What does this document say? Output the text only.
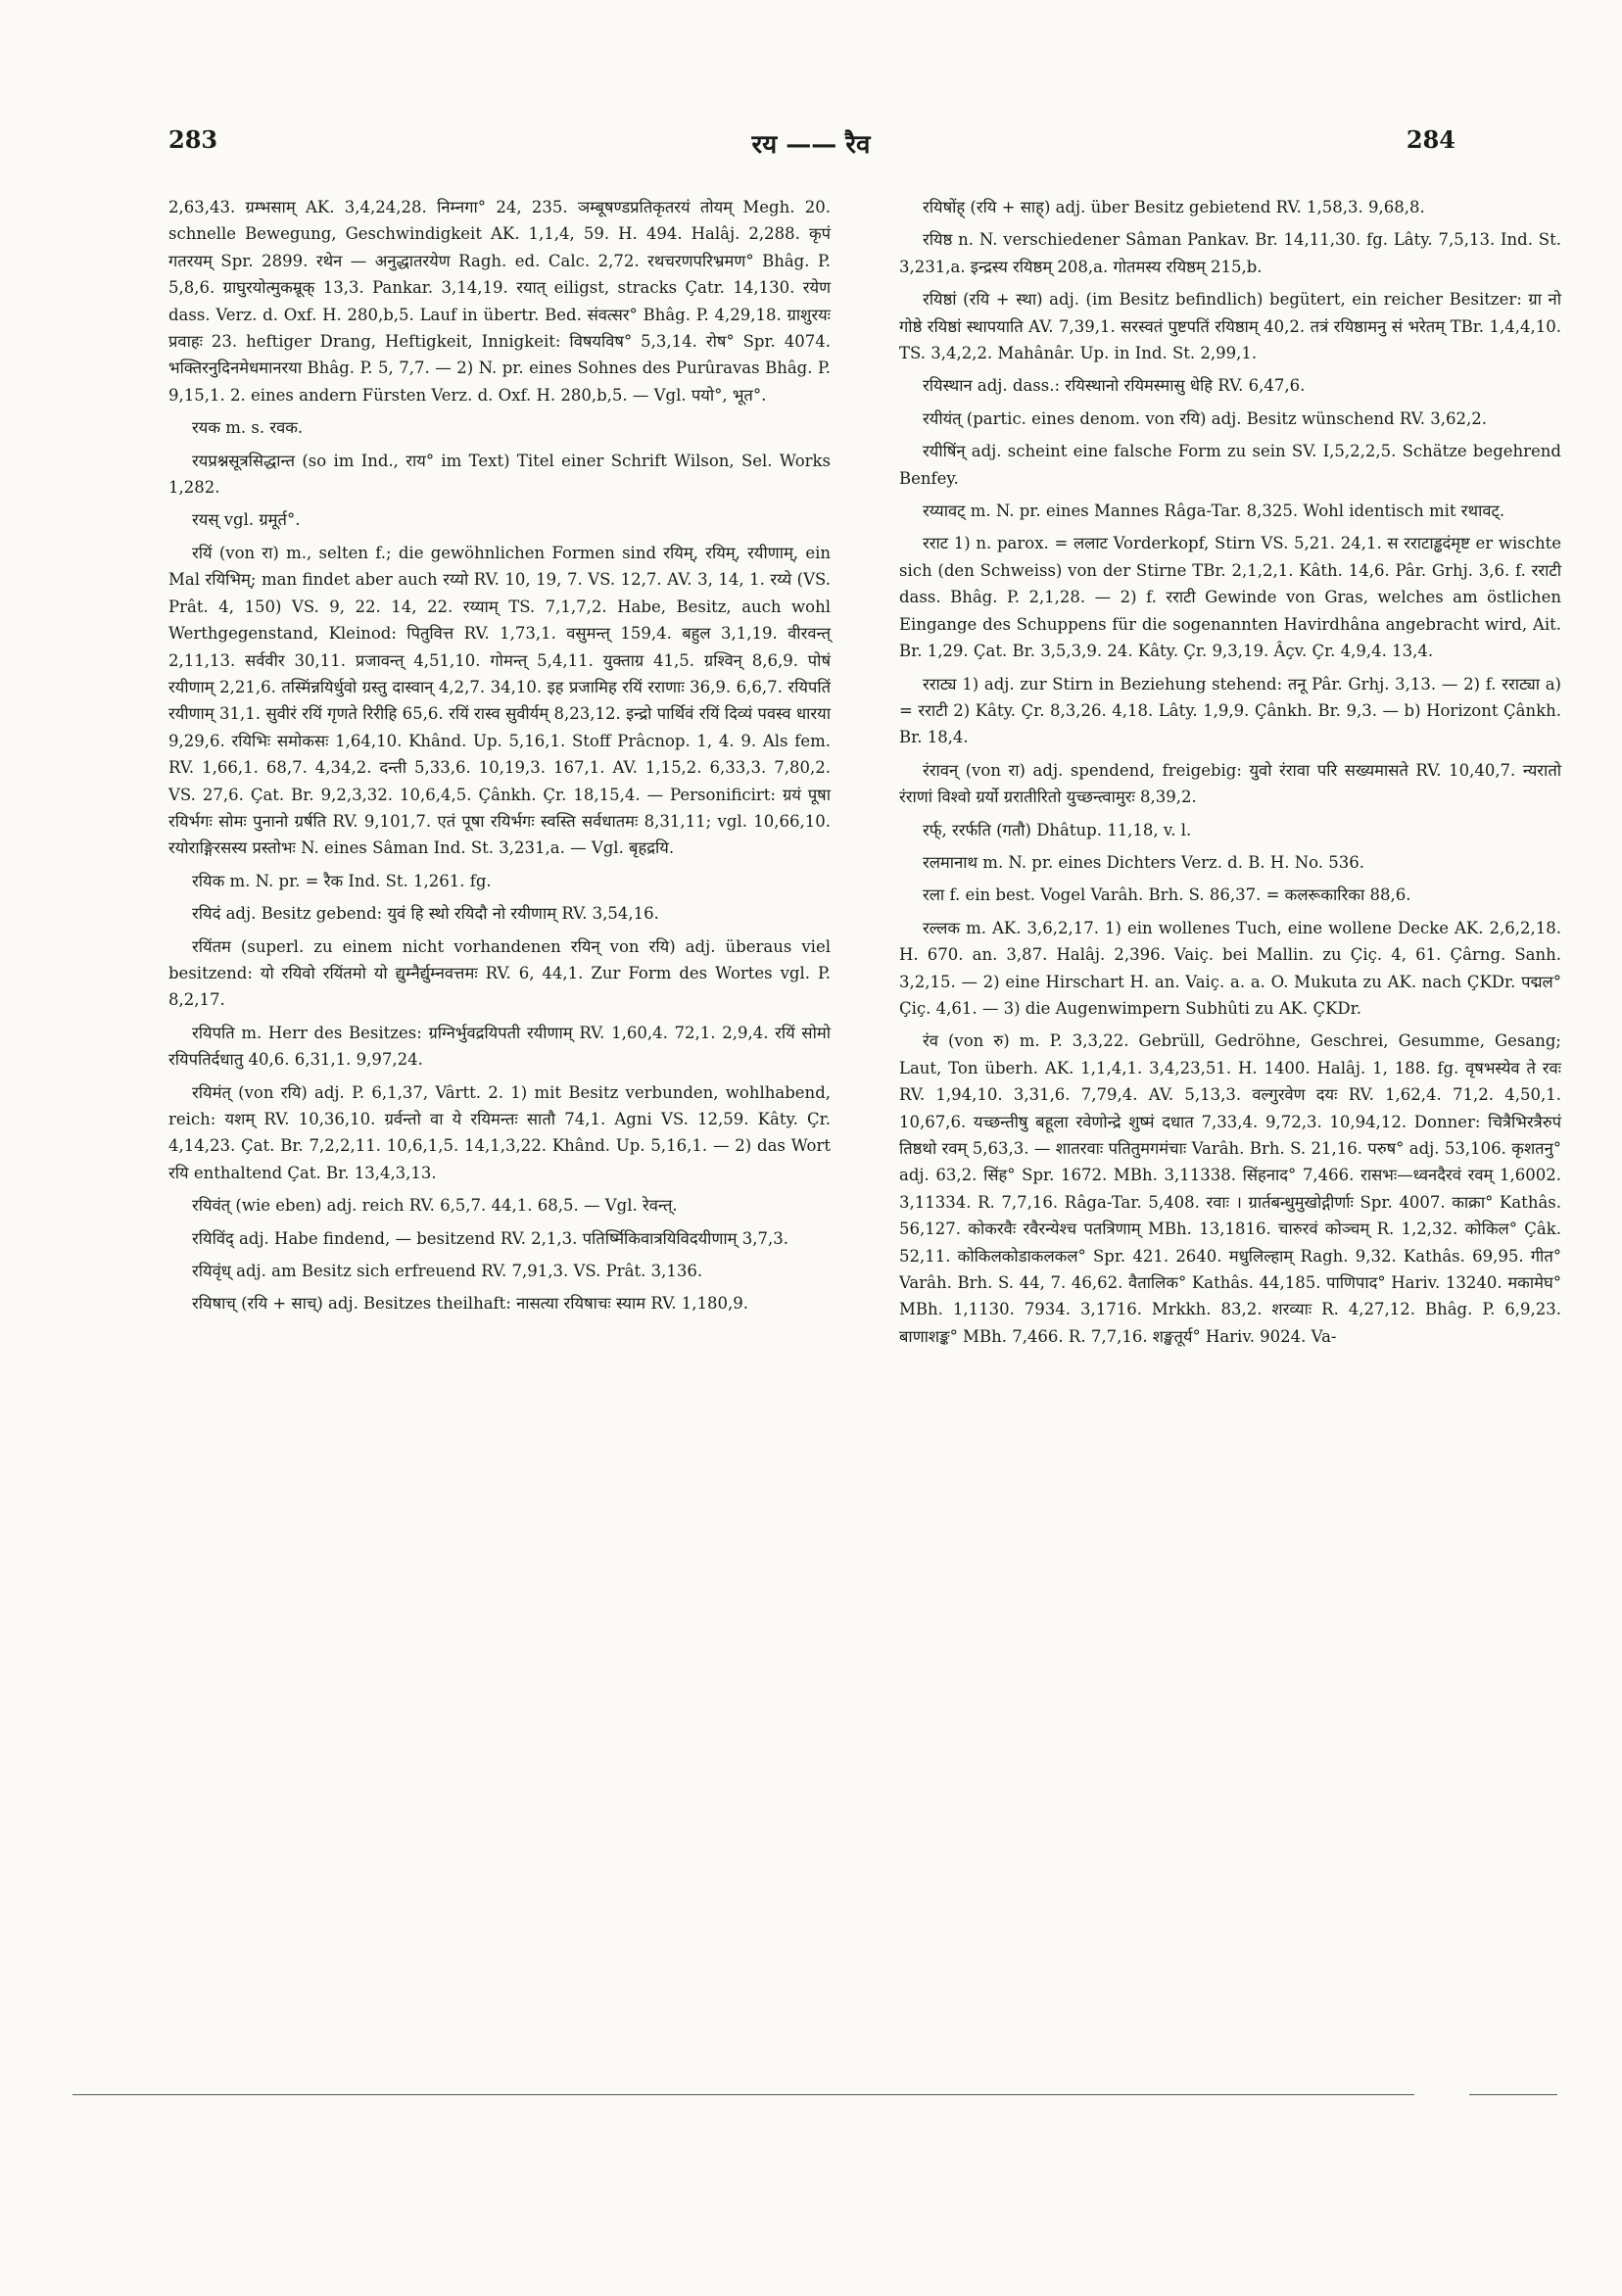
283	रय —— रैव	284

2,63,43. ग्रम्भसाम् AK. 3,4,24,28. निम्नगा° 24, 235. ञम्बूषण्डप्रतिकृतरयं तोयम् Megh. 20. schnelle Bewegung, Geschwindigkeit AK. 1,1,4, 59. H. 494. Halâj. 2,288. कृपं गतरयम् Spr. 2899. रथेन — अनुद्धातरयेण Ragh. ed. Calc. 2,72. रथचरणपरिभ्रमण° Bhâg. P. 5,8,6. ग्राघुरयोत्मुकम्रूक् 13,3. Pankar. 3,14,19. रयात् eiligst, stracks Çatr. 14,130. रयेण dass. Verz. d. Oxf. H. 280,b,5. Lauf in übertr. Bed. संवत्सर° Bhâg. P. 4,29,18. ग्राशुरयः प्रवाहः 23. heftiger Drang, Heftigkeit, Innigkeit: विषयविष° 5,3,14. रोष° Spr. 4074. भक्तिरनुदिनमेधमानरया Bhâg. P. 5, 7,7. — 2) N. pr. eines Sohnes des Purûravas Bhâg. P. 9,15,1. 2. eines andern Fürsten Verz. d. Oxf. H. 280,b,5. — Vgl. पयो°, भूत°.

रयक m. s. रवक.

रयप्रश्नसूत्रसिद्धान्त (so im Ind., राय° im Text) Titel einer Schrift Wilson, Sel. Works 1,282.

रयस् vgl. ग्रमूर्त°.

रयिं (von रा) m., selten f.; die gewöhnlichen Formen sind रयिम्, रयिम्, रयीणाम्, ein Mal रयिभिम्; man findet aber auch रय्यो RV. 10, 19, 7. VS. 12,7. AV. 3, 14, 1. रय्ये (VS. Prât. 4, 150) VS. 9, 22. 14, 22. रय्याम् TS. 7,1,7,2. Habe, Besitz, auch wohl Werthgegenstand, Kleinod: पितुवित्त RV. 1,73,1. वसुमन्त् 159,4. बहुल 3,1,19. वीरवन्त् 2,11,13. सर्ववीर 30,11. प्रजावन्त् 4,51,10. गोमन्त् 5,4,11. युक्ताग्र 41,5. ग्रश्विन् 8,6,9. पोषं रयीणाम् 2,21,6. तस्मिंन्नयिर्धुवो ग्रस्तु दास्वान् 4,2,7. 34,10. इह प्रजामिह रयिं रराणाः 36,9. 6,6,7. रयिपतिं रयीणाम् 31,1. सुवीरं रयिं गृणते रिरीहि 65,6. रयिं रास्व सुवीर्यम् 8,23,12. इन्द्रो पार्थिवं रयिं दिव्यं पवस्व धारया 9,29,6. रयिभिः समोकसः 1,64,10. Khând. Up. 5,16,1. Stoff Prâcnop. 1, 4. 9. Als fem. RV. 1,66,1. 68,7. 4,34,2. दन्ती 5,33,6. 10,19,3. 167,1. AV. 1,15,2. 6,33,3. 7,80,2. VS. 27,6. Çat. Br. 9,2,3,32. 10,6,4,5. Çânkh. Çr. 18,15,4. — Personificirt: ग्रयं पूषा रयिर्भगः सोमः पुनानो ग्रर्षति RV. 9,101,7. एतं पूषा रयिर्भगः स्वस्ति सर्वधातमः 8,31,11; vgl. 10,66,10. रयोराङ्गिरसस्य प्रस्तोभः N. eines Sâman Ind. St. 3,231,a. — Vgl. बृहद्रयि.

रयिक m. N. pr. = रैक Ind. St. 1,261. fg.

रयिदं adj. Besitz gebend: युवं हि स्थो रयिदौ नो रयीणाम् RV. 3,54,16.

रयिंतम (superl. zu einem nicht vorhandenen रयिन् von रयि) adj. überaus viel besitzend: यो रयिवो रयिंतमो यो द्युम्नैर्द्युम्नवत्तमः RV. 6, 44,1. Zur Form des Wortes vgl. P. 8,2,17.

रयिपति m. Herr des Besitzes: ग्रग्निर्भुवद्रयिपती रयीणाम् RV. 1,60,4. 72,1. 2,9,4. रयिं सोमो रयिपतिर्दधातु 40,6. 6,31,1. 9,97,24.

रयिमंत् (von रयि) adj. P. 6,1,37, Vârtt. 2. 1) mit Besitz verbunden, wohlhabend, reich: यशम् RV. 10,36,10. ग्रर्वन्तो वा ये रयिमन्तः सातौ 74,1. Agni VS. 12,59. Kâty. Çr. 4,14,23. Çat. Br. 7,2,2,11. 10,6,1,5. 14,1,3,22. Khând. Up. 5,16,1. — 2) das Wort रयि enthaltend Çat. Br. 13,4,3,13.

रयिवंत् (wie eben) adj. reich RV. 6,5,7. 44,1. 68,5. — Vgl. रेवन्त्.

रयिविंद् adj. Habe findend, — besitzend RV. 2,1,3. पतिर्ष्मिकिवात्रयिविदयीणाम् 3,7,3.

रयिवृंध् adj. am Besitz sich erfreuend RV. 7,91,3. VS. Prât. 3,136.

रयिषाच् (रयि + साच्) adj. Besitzes theilhaft: नासत्या रयिषाचः स्याम RV. 1,180,9.

रयिषोंह् (रयि + साह्) adj. über Besitz gebietend RV. 1,58,3. 9,68,8.

रयिष्ठ n. N. verschiedener Sâman Pankav. Br. 14,11,30. fg. Lâty. 7,5,13. Ind. St. 3,231,a. इन्द्रस्य रयिष्ठम् 208,a. गोतमस्य रयिष्ठम् 215,b.

रयिष्ठां (रयि + स्था) adj. (im Besitz befindlich) begütert, ein reicher Besitzer: ग्रा नो गोष्ठे रयिष्ठां स्थापयाति AV. 7,39,1. सरस्वतं पुष्टपतिं रयिष्ठाम् 40,2. तत्रं रयिष्ठामनु सं भरेतम् TBr. 1,4,4,10. TS. 3,4,2,2. Mahânâr. Up. in Ind. St. 2,99,1.

रयिस्थान adj. dass.: रयिस्थानो रयिमस्मासु धेहि RV. 6,47,6.

रयीयंत् (partic. eines denom. von रयि) adj. Besitz wünschend RV. 3,62,2.

रयीषिंन् adj. scheint eine falsche Form zu sein SV. I,5,2,2,5. Schätze begehrend Benfey.

रय्यावट् m. N. pr. eines Mannes Râga-Tar. 8,325. Wohl identisch mit रथावट्.

रराट 1) n. parox. = ललाट Vorderkopf, Stirn VS. 5,21. 24,1. स रराटाड्ढदंमृष्ट er wischte sich (den Schweiss) von der Stirne TBr. 2,1,2,1. Kâth. 14,6. Pâr. Grhj. 3,6. f. रराटी dass. Bhâg. P. 2,1,28. — 2) f. रराटी Gewinde von Gras, welches am östlichen Eingange des Schuppens für die sogenannten Havirdhâna angebracht wird, Ait. Br. 1,29. Çat. Br. 3,5,3,9. 24. Kâty. Çr. 9,3,19. Âçv. Çr. 4,9,4. 13,4.

रराट्य 1) adj. zur Stirn in Beziehung stehend: तनू Pâr. Grhj. 3,13. — 2) f. रराट्या a) = रराटी 2) Kâty. Çr. 8,3,26. 4,18. Lâty. 1,9,9. Çânkh. Br. 9,3. — b) Horizont Çânkh. Br. 18,4.

रंरावन् (von रा) adj. spendend, freigebig: युवो रंरावा परि सख्यमासते RV. 10,40,7. न्यरातो रंराणां विश्वो ग्रर्यो ग्ररातीरितो युच्छन्त्वामुरः 8,39,2.

रर्फ्, ररर्फति (गतौ) Dhâtup. 11,18, v. l.

रलमानाथ m. N. pr. eines Dichters Verz. d. B. H. No. 536.

रला f. ein best. Vogel Varâh. Brh. S. 86,37. = कलरूकारिका 88,6.

रल्लक m. AK. 3,6,2,17. 1) ein wollenes Tuch, eine wollene Decke AK. 2,6,2,18. H. 670. an. 3,87. Halâj. 2,396. Vaiç. bei Mallin. zu Çiç. 4, 61. Çârng. Sanh. 3,2,15. — 2) eine Hirschart H. an. Vaiç. a. a. O. Mukuta zu AK. nach ÇKDr. पद्मल° Çiç. 4,61. — 3) die Augenwimpern Subhûti zu AK. ÇKDr.

रंव (von रु) m. P. 3,3,22. Gebrüll, Gedröhne, Geschrei, Gesumme, Gesang; Laut, Ton überh. AK. 1,1,4,1. 3,4,23,51. H. 1400. Halâj. 1, 188. fg. वृषभस्येव ते रवः RV. 1,94,10. 3,31,6. 7,79,4. AV. 5,13,3. वल्गुरवेण दयः RV. 1,62,4. 71,2. 4,50,1. 10,67,6. यच्छन्तीषु बहूला रवेणोन्द्रे शुष्मं दधात 7,33,4. 9,72,3. 10,94,12. Donner: चित्रैभिरत्रैरुपं तिष्ठथो रवम् 5,63,3. — शातरवाः पतितुमगमंचाः Varâh. Brh. S. 21,16. परुष° adj. 53,106. कृशतनु° adj. 63,2. सिंह° Spr. 1672. MBh. 3,11338. सिंहनाद° 7,466. रासभः—ध्वनदैरवं रवम् 1,6002. 3,11334. R. 7,7,16. Râga-Tar. 5,408. रवाः । ग्रार्तबन्धुमुखोद्गीर्णाः Spr. 4007. काक्रा° Kathâs. 56,127. कोकरवैः रवैरन्येश्च पतत्रिणाम् MBh. 13,1816. चारुरवं कोञ्चम् R. 1,2,32. कोकिल° Çâk. 52,11. कोकिलकोडाकलकल° Spr. 421. 2640. मधुलिल्हाम् Ragh. 9,32. Kathâs. 69,95. गीत° Varâh. Brh. S. 44, 7. 46,62. वैतालिक° Kathâs. 44,185. पाणिपाद° Hariv. 13240. मकामेघ° MBh. 1,1130. 7934. 3,1716. Mrkkh. 83,2. शरव्याः R. 4,27,12. Bhâg. P. 6,9,23. बाणाशङ्क° MBh. 7,466. R. 7,7,16. शङ्खतूर्य° Hariv. 9024. Va-
